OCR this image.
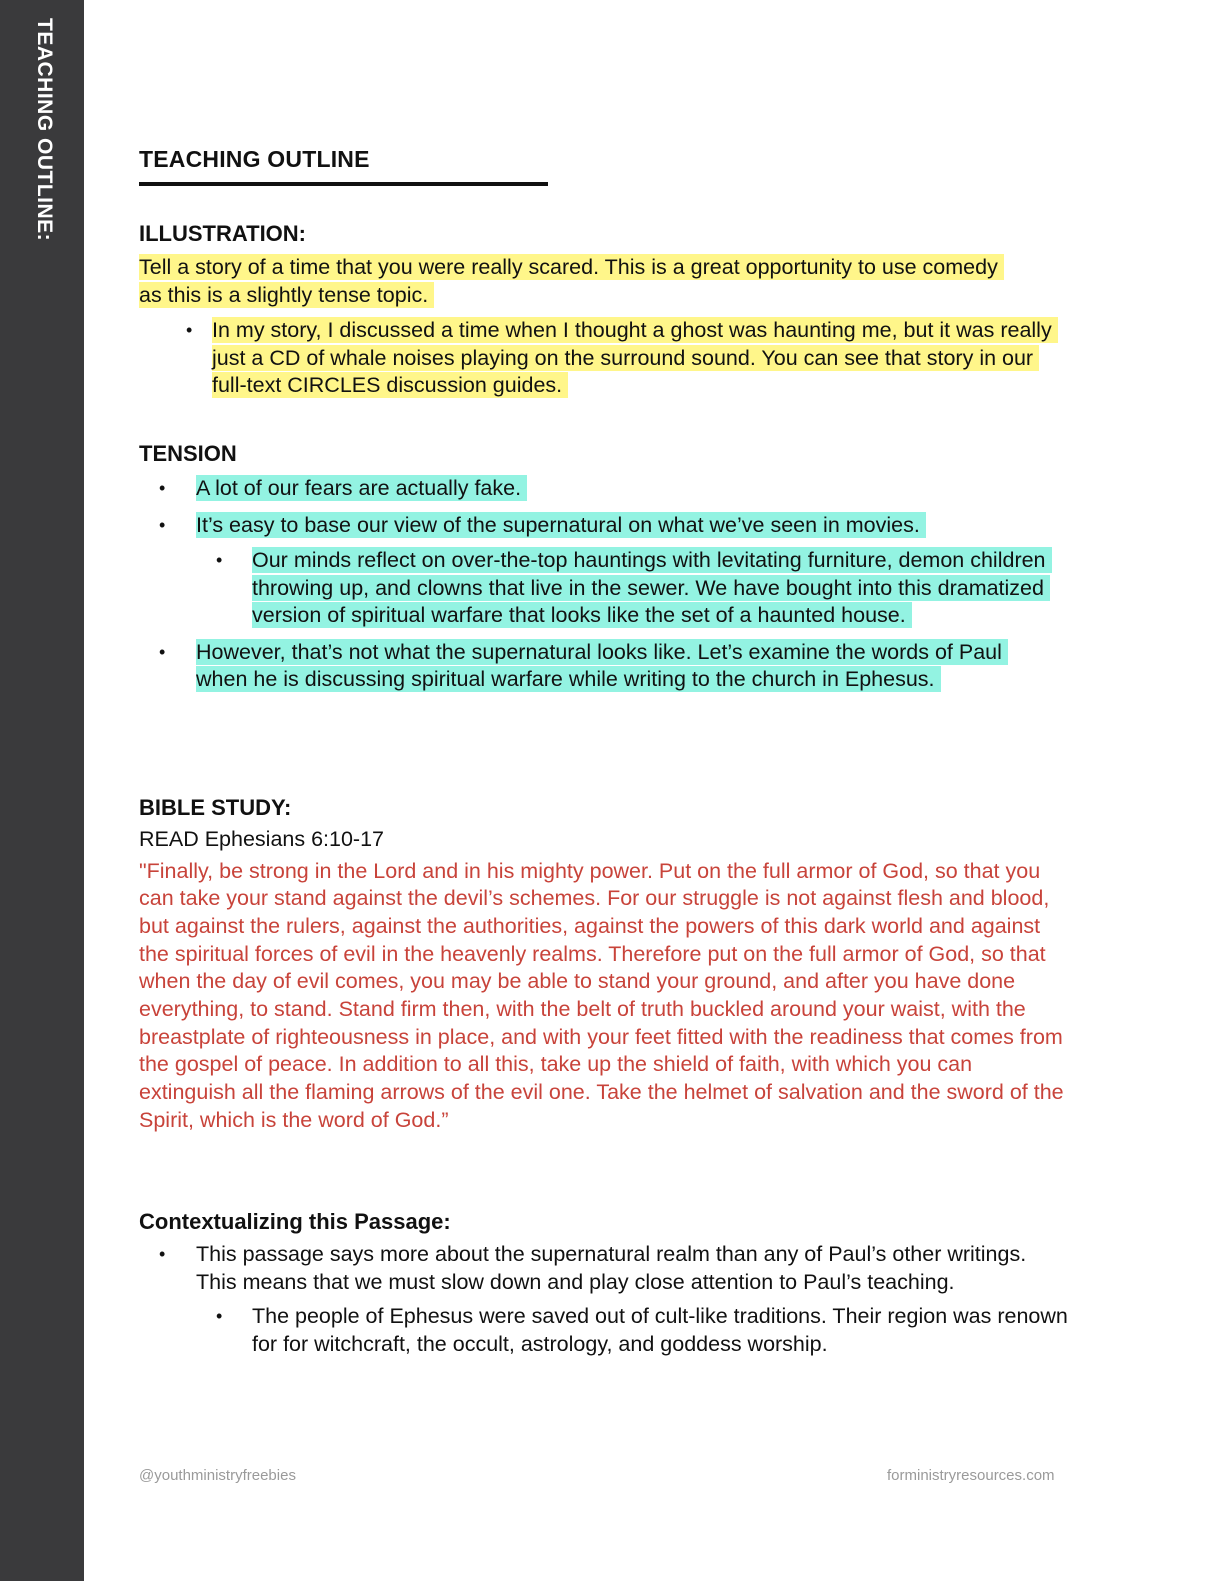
TEACHING OUTLINE:	TEACHING OUTLINE
ILLUSTRATION:
Tell a story of a time that you were really scared. This is a great opportunity to use comedy as this is a slightly tense topic.
• In my story, I discussed a time when I thought a ghost was haunting me, but it was really just a CD of whale noises playing on the surround sound. You can see that story in our full-text CIRCLES discussion guides.
TENSION
• A lot of our fears are actually fake.
• It’s easy to base our view of the supernatural on what we’ve seen in movies.
• Our minds reflect on over-the-top hauntings with levitating furniture, demon children throwing up, and clowns that live in the sewer. We have bought into this dramatized version of spiritual warfare that looks like the set of a haunted house.
• However, that’s not what the supernatural looks like. Let’s examine the words of Paul when he is discussing spiritual warfare while writing to the church in Ephesus.
BIBLE STUDY:
READ Ephesians 6:10-17
"Finally, be strong in the Lord and in his mighty power. Put on the full armor of God, so that you can take your stand against the devil’s schemes. For our struggle is not against flesh and blood, but against the rulers, against the authorities, against the powers of this dark world and against the spiritual forces of evil in the heavenly realms. Therefore put on the full armor of God, so that when the day of evil comes, you may be able to stand your ground, and after you have done everything, to stand. Stand firm then, with the belt of truth buckled around your waist, with the breastplate of righteousness in place, and with your feet fitted with the readiness that comes from the gospel of peace. In addition to all this, take up the shield of faith, with which you can extinguish all the flaming arrows of the evil one. Take the helmet of salvation and the sword of the Spirit, which is the word of God.”
Contextualizing this Passage:
• This passage says more about the supernatural realm than any of Paul’s other writings. This means that we must slow down and play close attention to Paul’s teaching.
• The people of Ephesus were saved out of cult-like traditions. Their region was renown for for witchcraft, the occult, astrology, and goddess worship.
@youthministryfreebies	forministryresources.com
